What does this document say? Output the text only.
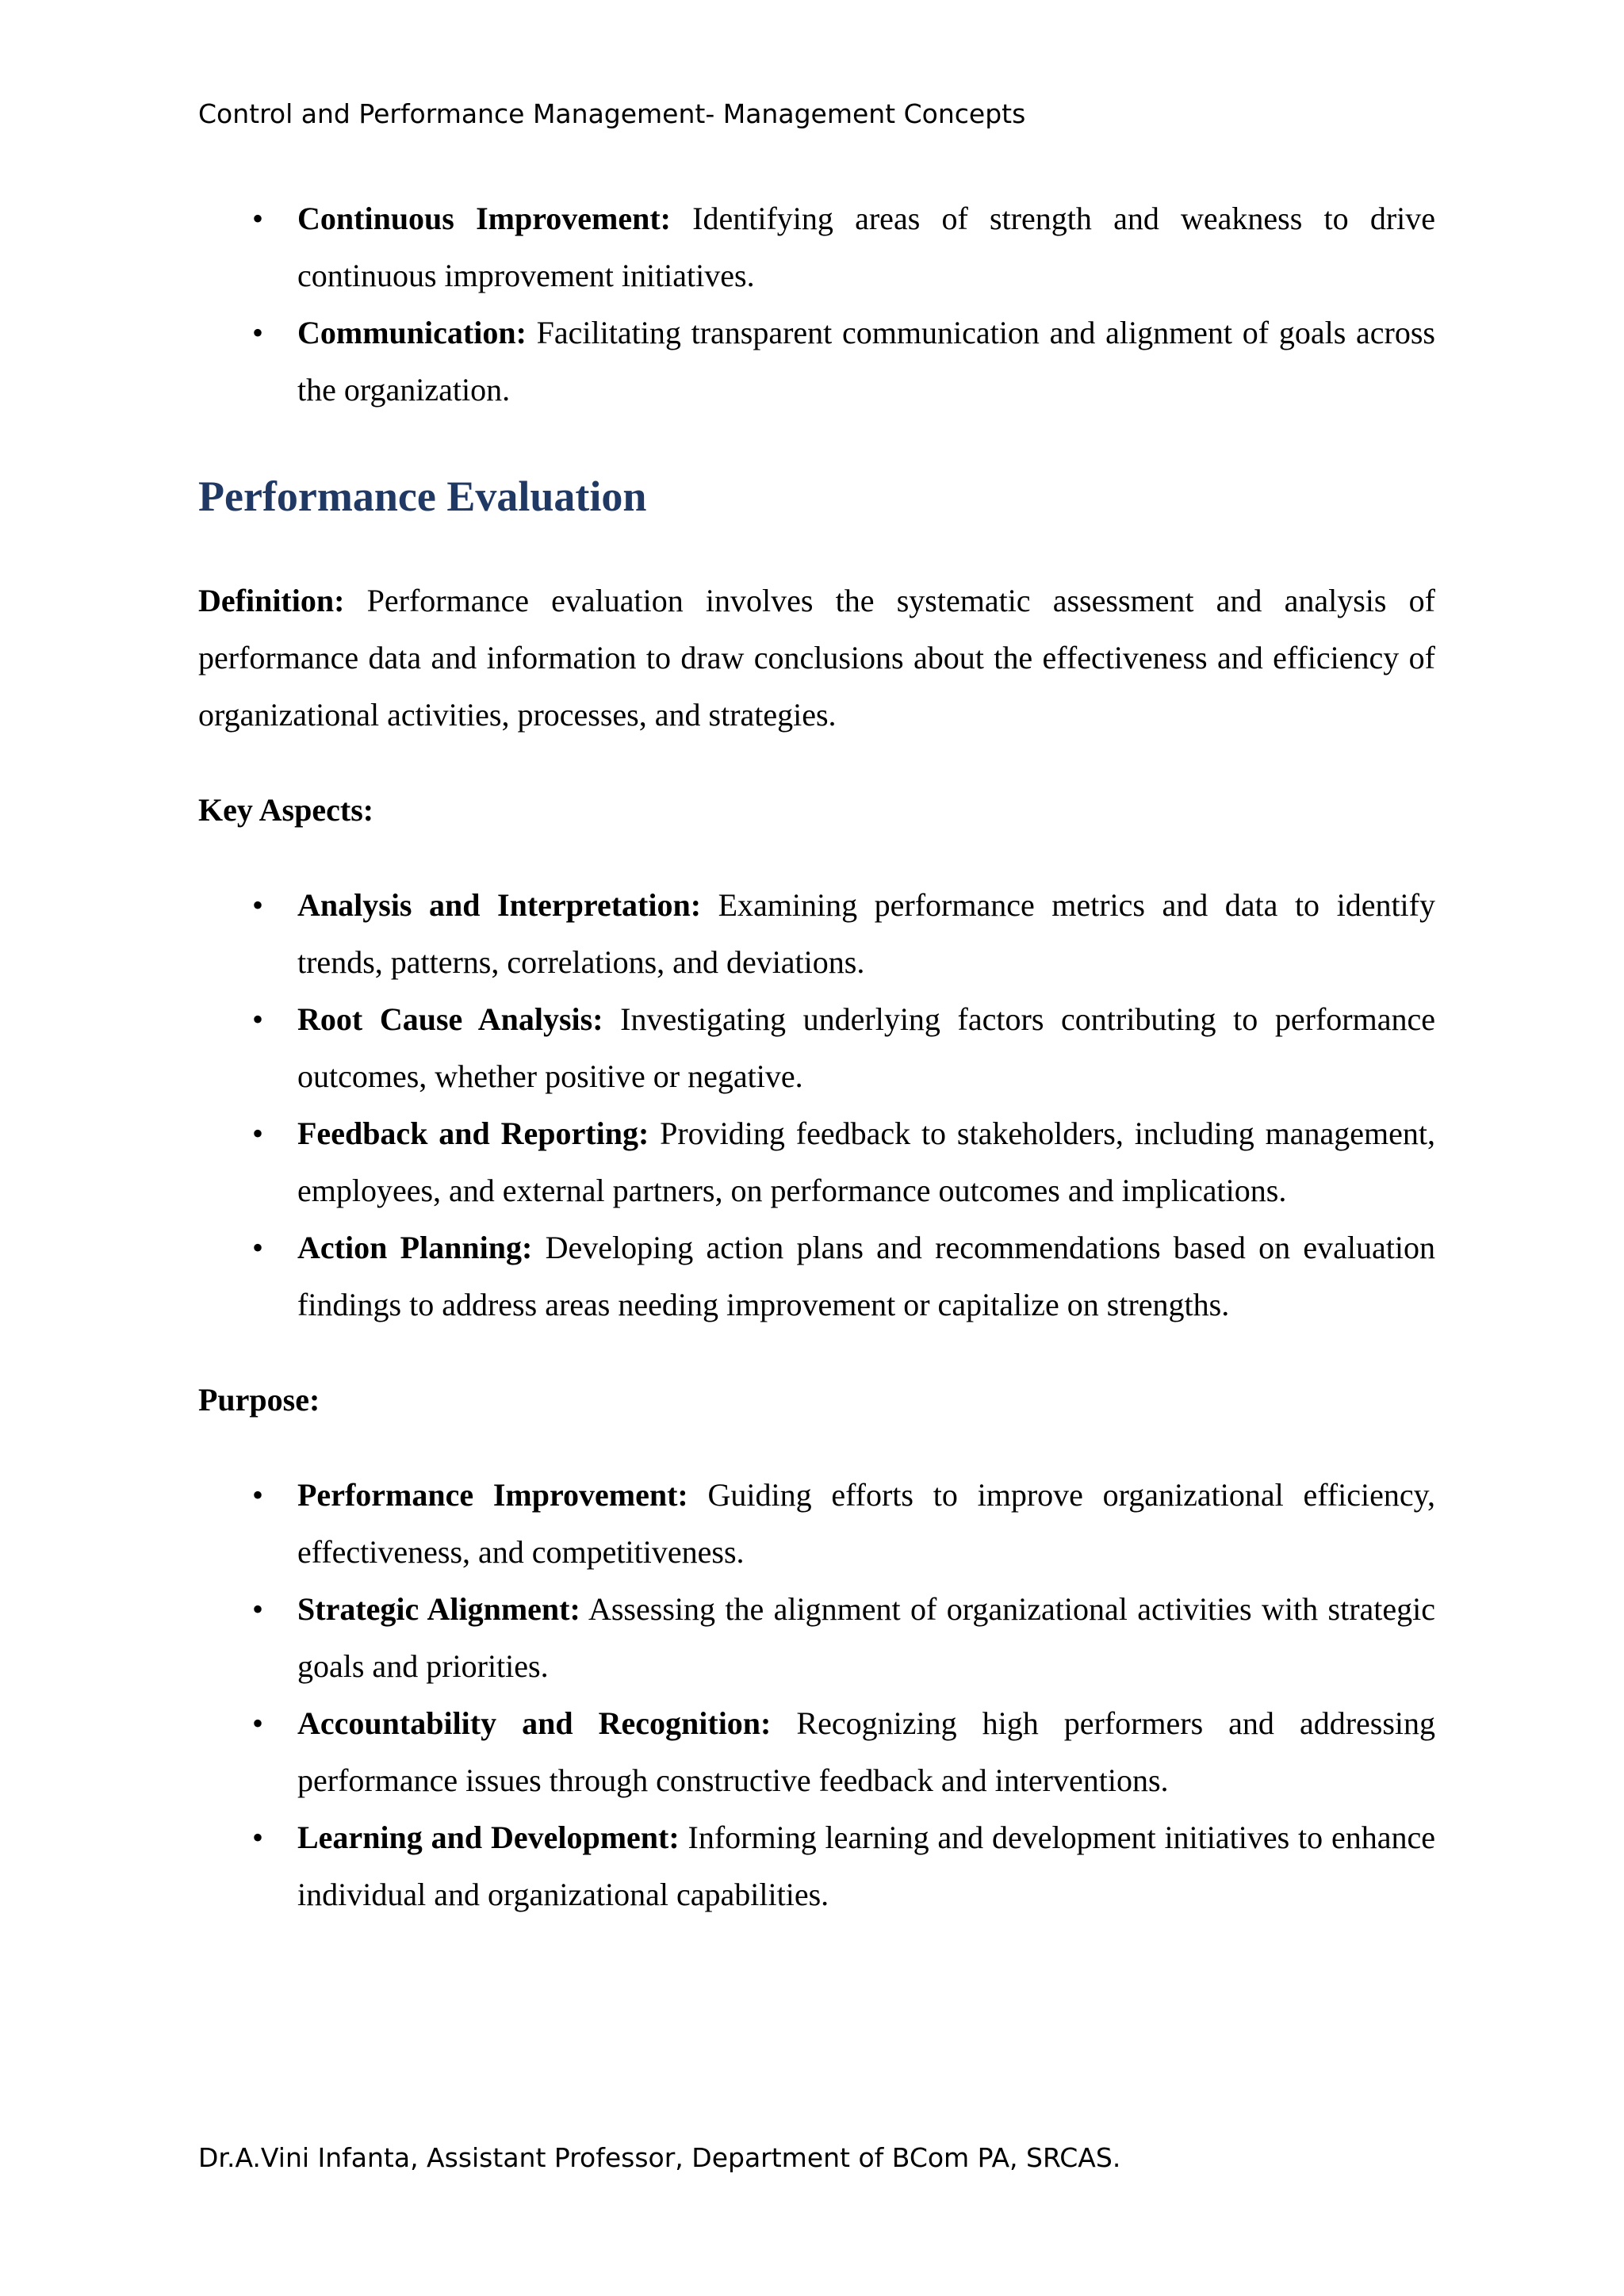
Control and Performance Management- Management Concepts
• Continuous Improvement: Identifying areas of strength and weakness to drive continuous improvement initiatives.
• Communication: Facilitating transparent communication and alignment of goals across the organization.
Performance Evaluation

Definition: Performance evaluation involves the systematic assessment and analysis of performance data and information to draw conclusions about the effectiveness and efficiency of organizational activities, processes, and strategies.

Key Aspects:
• Analysis and Interpretation: Examining performance metrics and data to identify trends, patterns, correlations, and deviations.
• Root Cause Analysis: Investigating underlying factors contributing to performance outcomes, whether positive or negative.
• Feedback and Reporting: Providing feedback to stakeholders, including management, employees, and external partners, on performance outcomes and implications.
• Action Planning: Developing action plans and recommendations based on evaluation findings to address areas needing improvement or capitalize on strengths.
Purpose:
• Performance Improvement: Guiding efforts to improve organizational efficiency, effectiveness, and competitiveness.
• Strategic Alignment: Assessing the alignment of organizational activities with strategic goals and priorities.
• Accountability and Recognition: Recognizing high performers and addressing performance issues through constructive feedback and interventions.
• Learning and Development: Informing learning and development initiatives to enhance individual and organizational capabilities.
Dr.A.Vini Infanta, Assistant Professor, Department of BCom PA, SRCAS.
